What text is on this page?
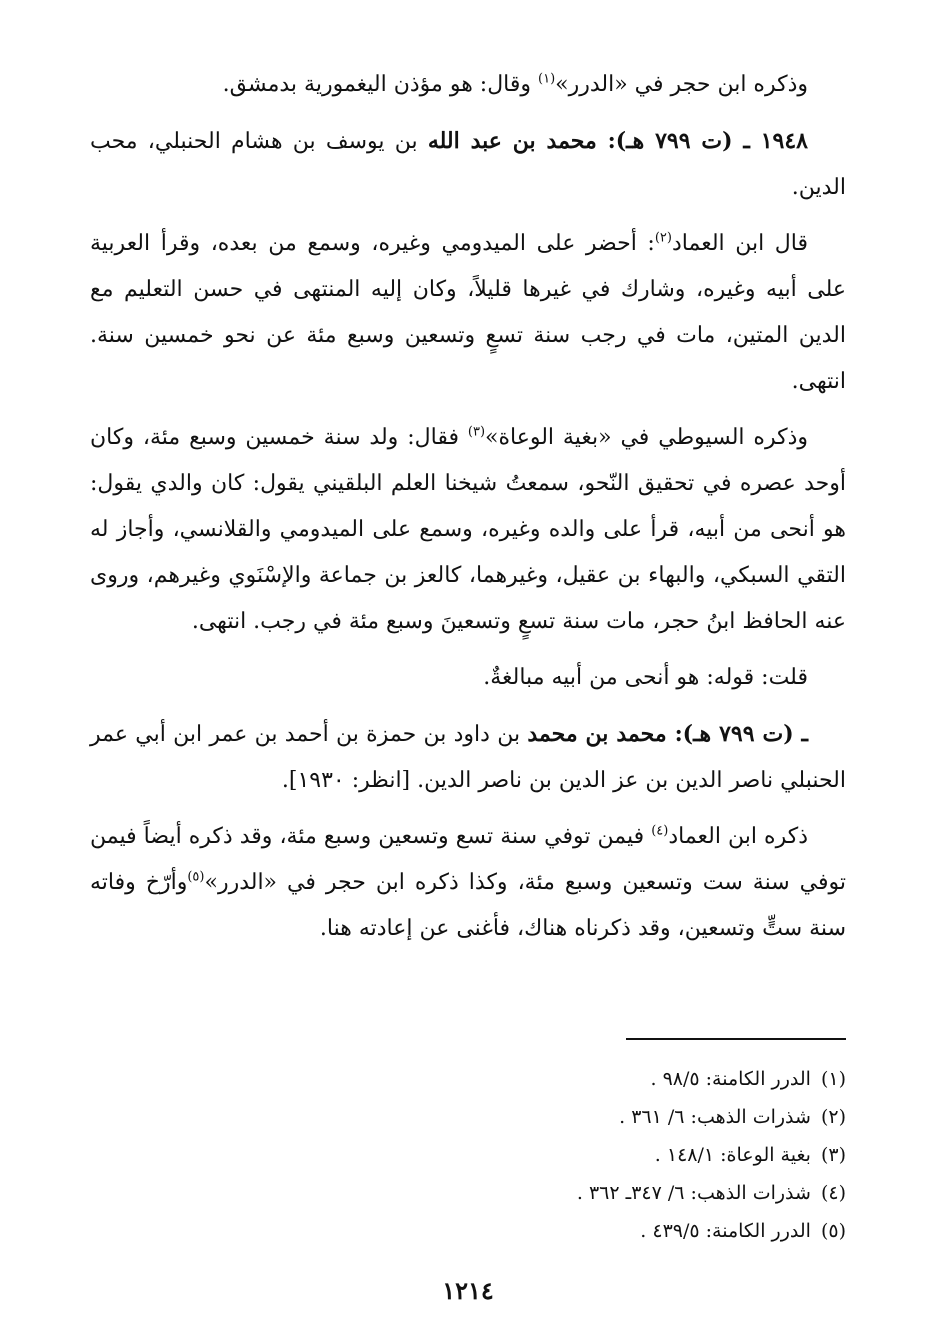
وذكره ابن حجر في «الدرر»$^{(١)}$ وقال: هو مؤذن اليغمورية بدمشق.

١٩٤٨ ـ (ت ٧٩٩ هـ): محمد بن عبد الله بن يوسف بن هشام الحنبلي، محب الدين.

قال ابن العماد$^{(٢)}$: أحضر على الميدومي وغيره، وسمع من بعده، وقرأ العربية على أبيه وغيره، وشارك في غيرها قليلاً، وكان إليه المنتهى في حسن التعليم مع الدين المتين، مات في رجب سنة تسعٍ وتسعين وسبع مئة عن نحو خمسين سنة. انتهى.

وذكره السيوطي في «بغية الوعاة»$^{(٣)}$ فقال: ولد سنة خمسين وسبع مئة، وكان أوحد عصره في تحقيق النّحو، سمعتُ شيخنا العلم البلقيني يقول: كان والدي يقول: هو أنحى من أبيه، قرأ على والده وغيره، وسمع على الميدومي والقلانسي، وأجاز له التقي السبكي، والبهاء بن عقيل، وغيرهما، كالعز بن جماعة والإسْنَوي وغيرهم، وروى عنه الحافظ ابنُ حجر، مات سنة تسعٍ وتسعينَ وسبع مئة في رجب. انتهى.

قلت: قوله: هو أنحى من أبيه مبالغةٌ.

ـ (ت ٧٩٩ هـ): محمد بن محمد بن داود بن حمزة بن أحمد بن عمر ابن أبي عمر الحنبلي ناصر الدين بن عز الدين بن ناصر الدين. [انظر: ١٩٣٠].

ذكره ابن العماد$^{(٤)}$ فيمن توفي سنة تسع وتسعين وسبع مئة، وقد ذكره أيضاً فيمن توفي سنة ست وتسعين وسبع مئة، وكذا ذكره ابن حجر في «الدرر»$^{(٥)}$وأرّخ وفاته سنة ستٍّ وتسعين، وقد ذكرناه هناك، فأغنى عن إعادته هنا.

(١)الدرر الكامنة: ٩٨/٥ .
(٢)شذرات الذهب: ٦/ ٣٦١ .
(٣)بغية الوعاة: ١٤٨/١ .
(٤)شذرات الذهب: ٦/ ٣٤٧ـ ٣٦٢ .
(٥)الدرر الكامنة: ٤٣٩/٥ .
١٢١٤
